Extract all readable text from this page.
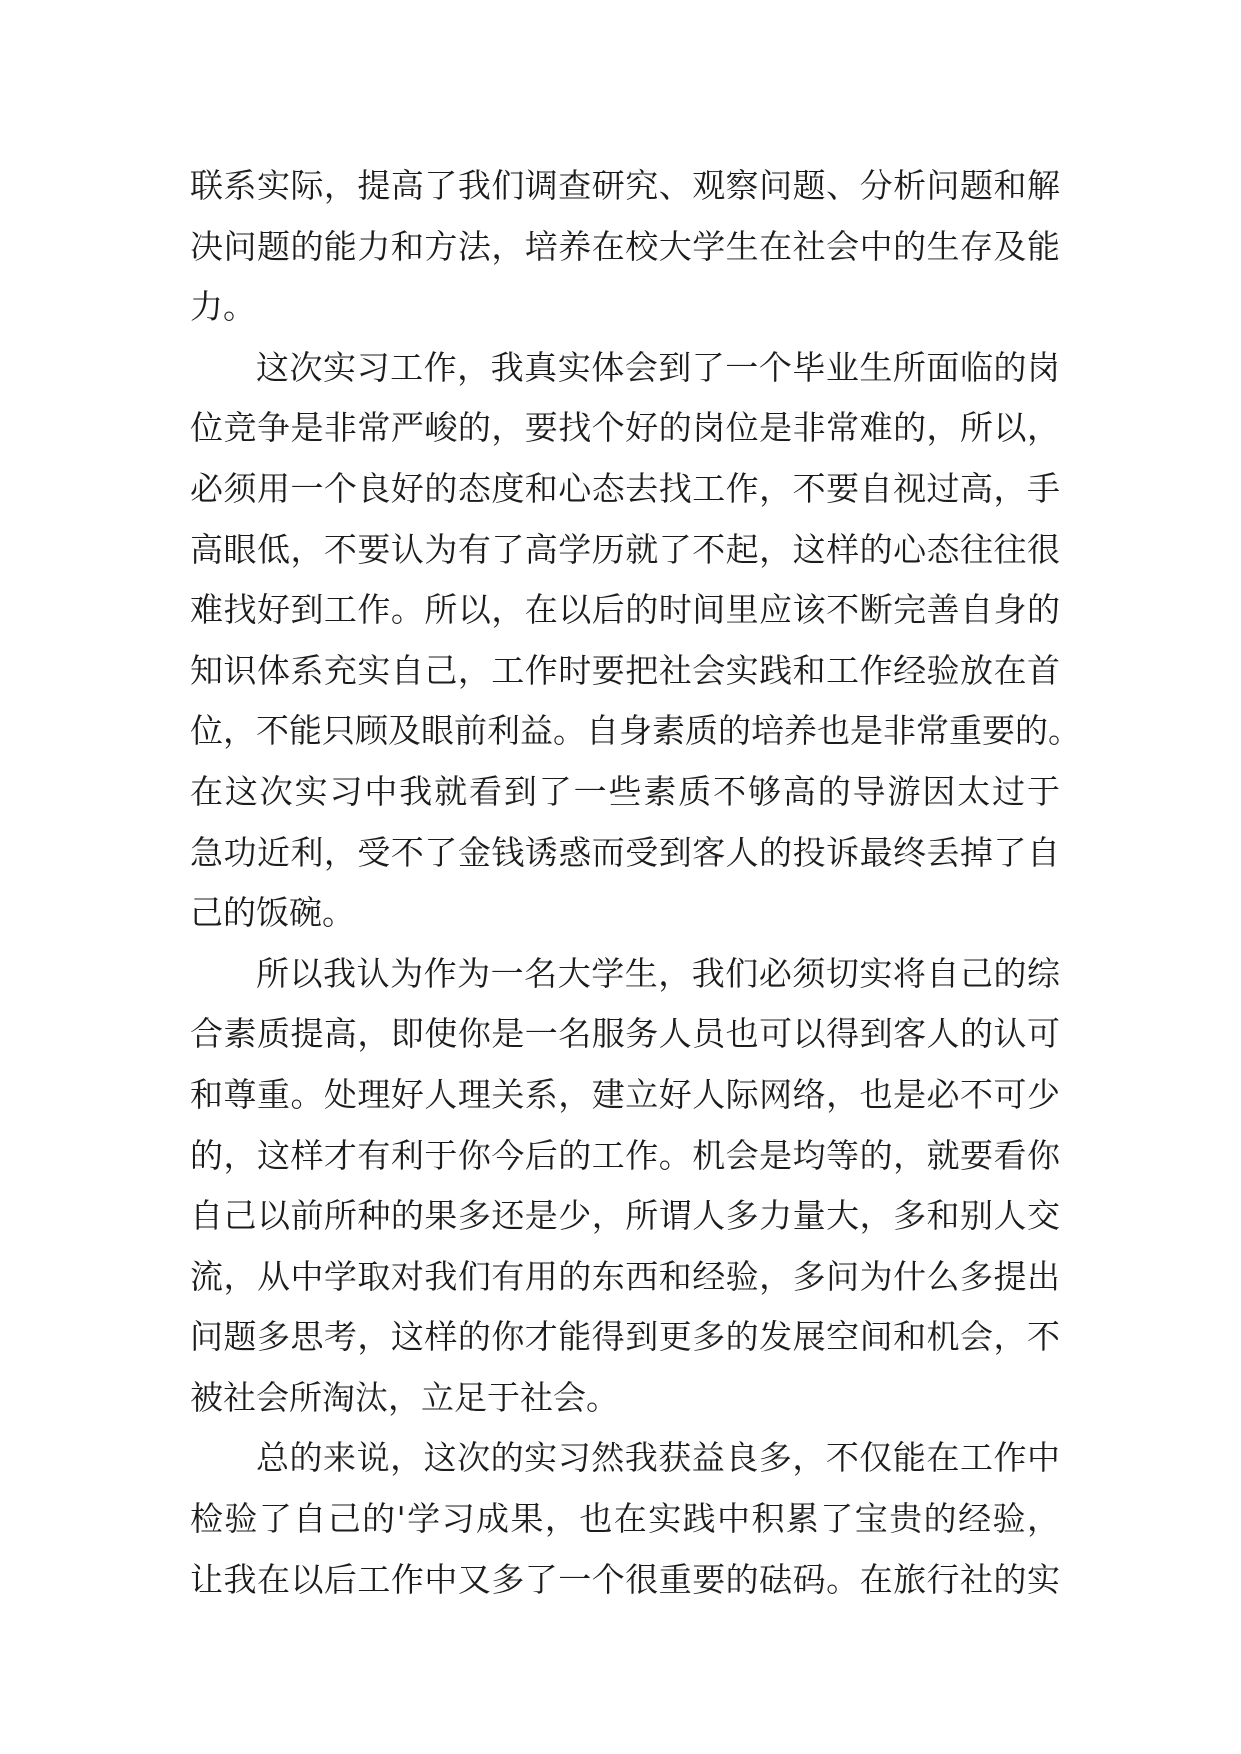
联系实际，提高了我们调查研究、观察问题、分析问题和解
决问题的能力和方法，培养在校大学生在社会中的生存及能
力。
这次实习工作，我真实体会到了一个毕业生所面临的岗
位竞争是非常严峻的，要找个好的岗位是非常难的，所以，
必须用一个良好的态度和心态去找工作，不要自视过高，手
高眼低，不要认为有了高学历就了不起，这样的心态往往很
难找好到工作。所以，在以后的时间里应该不断完善自身的
知识体系充实自己，工作时要把社会实践和工作经验放在首
位，不能只顾及眼前利益。自身素质的培养也是非常重要的。
在这次实习中我就看到了一些素质不够高的导游因太过于
急功近利，受不了金钱诱惑而受到客人的投诉最终丢掉了自
己的饭碗。
所以我认为作为一名大学生，我们必须切实将自己的综
合素质提高，即使你是一名服务人员也可以得到客人的认可
和尊重。处理好人理关系，建立好人际网络，也是必不可少
的，这样才有利于你今后的工作。机会是均等的，就要看你
自己以前所种的果多还是少，所谓人多力量大，多和别人交
流，从中学取对我们有用的东西和经验，多问为什么多提出
问题多思考，这样的你才能得到更多的发展空间和机会，不
被社会所淘汰，立足于社会。
总的来说，这次的实习然我获益良多，不仅能在工作中
检验了自己的'学习成果，也在实践中积累了宝贵的经验，
让我在以后工作中又多了一个很重要的砝码。在旅行社的实
